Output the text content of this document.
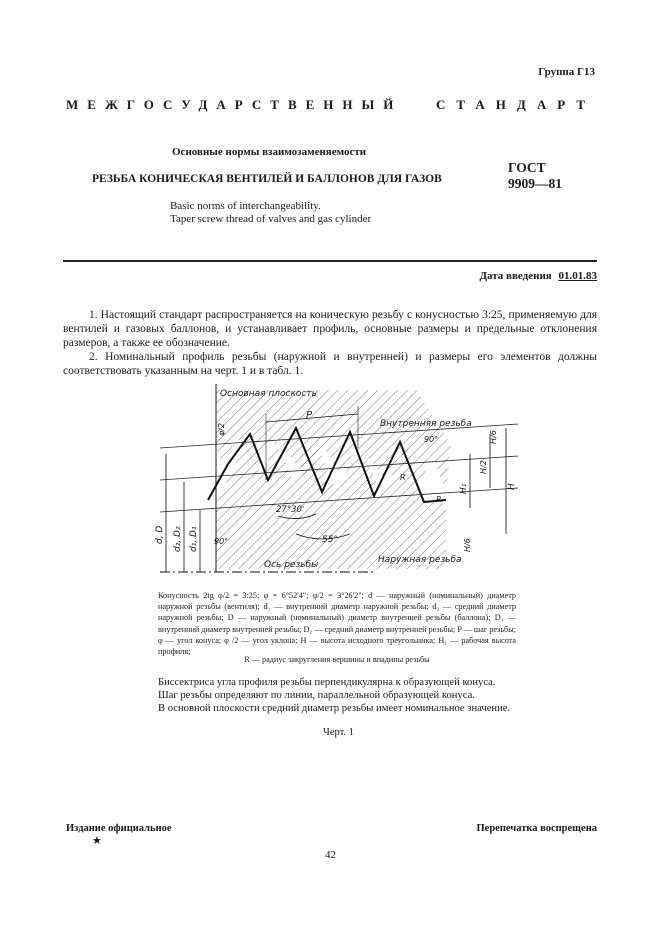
Группа Г13
МЕЖГОСУДАРСТВЕННЫЙ	СТАНДАРТ
Основные нормы взаимозаменяемости
РЕЗЬБА КОНИЧЕСКАЯ ВЕНТИЛЕЙ И БАЛЛОНОВ ДЛЯ ГАЗОВ
ГОСТ
9909—81
Basic norms of interchangeability.
Taper screw thread of valves and gas cylinder
Дата введения 01.01.83
1. Настоящий стандарт распространяется на коническую резьбу с конусностью 3:25, применяемую для вентилей и газовых баллонов, и устанавливает профиль, основные размеры и предельные отклонения размеров, а также ее обозначение.
2. Номинальный профиль резьбы (наружной и внутренней) и размеры его элементов должны соответствовать указанным на черт. 1 и в табл. 1.
Основная плоскость
Внутренняя резьба
Наружная резьба
Ось резьбы
P
27°30'
55°
90°
90°
φ/2
H/6
H/2
H
H₁
H/6
R
R
d, D d₂, D₂ d₁, D₁
Конусность 2tg φ/2 = 3:25; φ = 6°52'4"; φ/2 = 3°26'2"; d — наружный (номинальный) диаметр наружной резьбы (вентиля); d₁ — внутренний диаметр наружной резьбы; d₂ — средний диаметр наружной резьбы; D — наружный (номинальный) диаметр внутренней резьбы (баллона); D₁ — внутренний диаметр внутренней резьбы; D₂ — средний диаметр внутренней резьбы; P — шаг резьбы; φ — угол конуса; φ /2 — угол уклона; H — высота исходного треугольника; H₁ — рабочая высота профиля;
R — радиус закругления вершины и впадины резьбы
Биссектриса угла профиля резьбы перпендикулярна к образующей конуса.
Шаг резьбы определяют по линии, параллельной образующей конуса.
В основной плоскости средний диаметр резьбы имеет номинальное значение.
Черт. 1
Издание официальное
★
Перепечатка воспрещена
42
